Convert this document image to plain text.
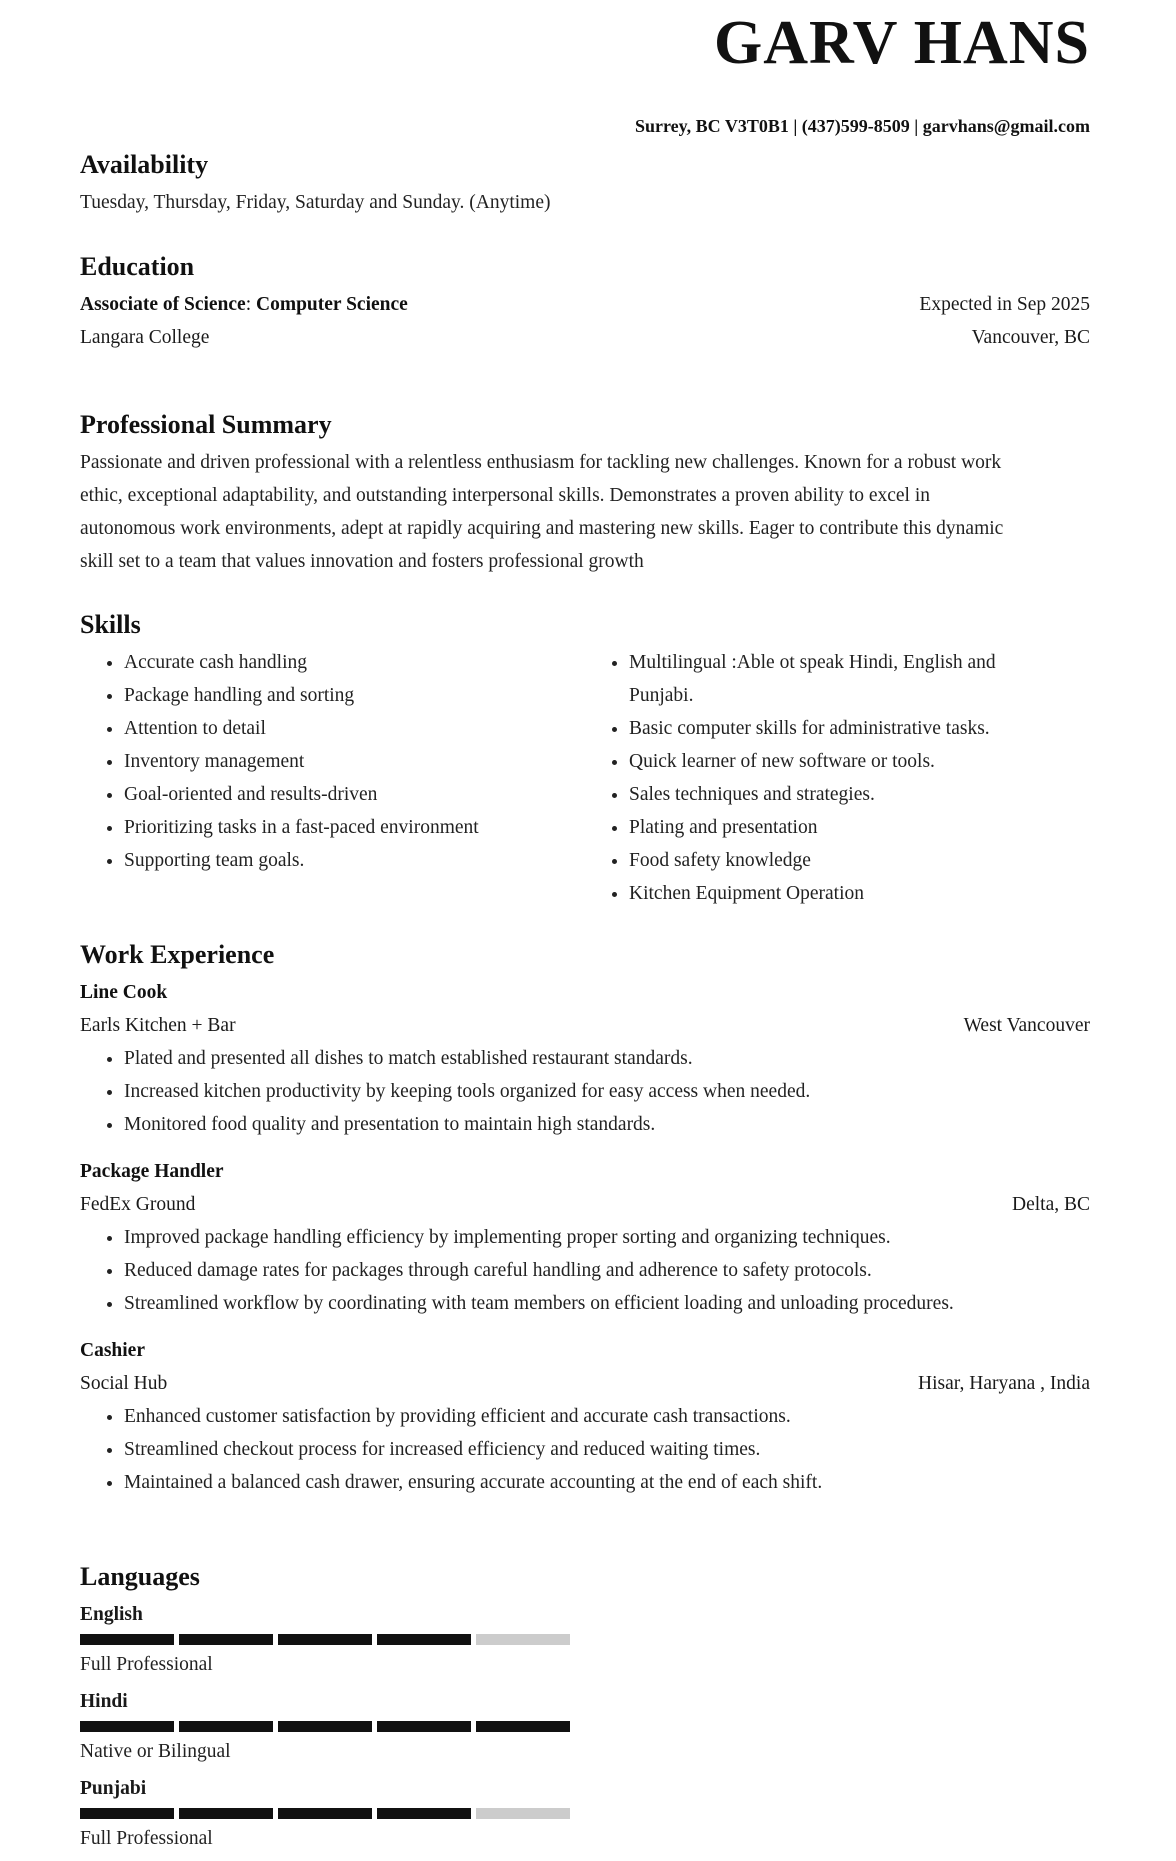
GARV HANS
Surrey, BC V3T0B1 | (437)599-8509 | garvhans@gmail.com
Availability
Tuesday, Thursday, Friday, Saturday and Sunday. (Anytime)
Education
Associate of Science: Computer Science	Expected in Sep 2025
Langara College	Vancouver, BC
Professional Summary
Passionate and driven professional with a relentless enthusiasm for tackling new challenges. Known for a robust work
ethic, exceptional adaptability, and outstanding interpersonal skills. Demonstrates a proven ability to excel in
autonomous work environments, adept at rapidly acquiring and mastering new skills. Eager to contribute this dynamic
skill set to a team that values innovation and fosters professional growth
Skills
• Accurate cash handling
• Package handling and sorting
• Attention to detail
• Inventory management
• Goal-oriented and results-driven
• Prioritizing tasks in a fast-paced environment
• Supporting team goals.
• Multilingual :Able ot speak Hindi, English and Punjabi.
• Basic computer skills for administrative tasks.
• Quick learner of new software or tools.
• Sales techniques and strategies.
• Plating and presentation
• Food safety knowledge
• Kitchen Equipment Operation
Work Experience
Line Cook
Earls Kitchen + Bar	West Vancouver
• Plated and presented all dishes to match established restaurant standards.
• Increased kitchen productivity by keeping tools organized for easy access when needed.
• Monitored food quality and presentation to maintain high standards.
Package Handler
FedEx Ground	Delta, BC
• Improved package handling efficiency by implementing proper sorting and organizing techniques.
• Reduced damage rates for packages through careful handling and adherence to safety protocols.
• Streamlined workflow by coordinating with team members on efficient loading and unloading procedures.
Cashier
Social Hub	Hisar, Haryana , India
• Enhanced customer satisfaction by providing efficient and accurate cash transactions.
• Streamlined checkout process for increased efficiency and reduced waiting times.
• Maintained a balanced cash drawer, ensuring accurate accounting at the end of each shift.
Languages
English
Full Professional
Hindi
Native or Bilingual
Punjabi
Full Professional
